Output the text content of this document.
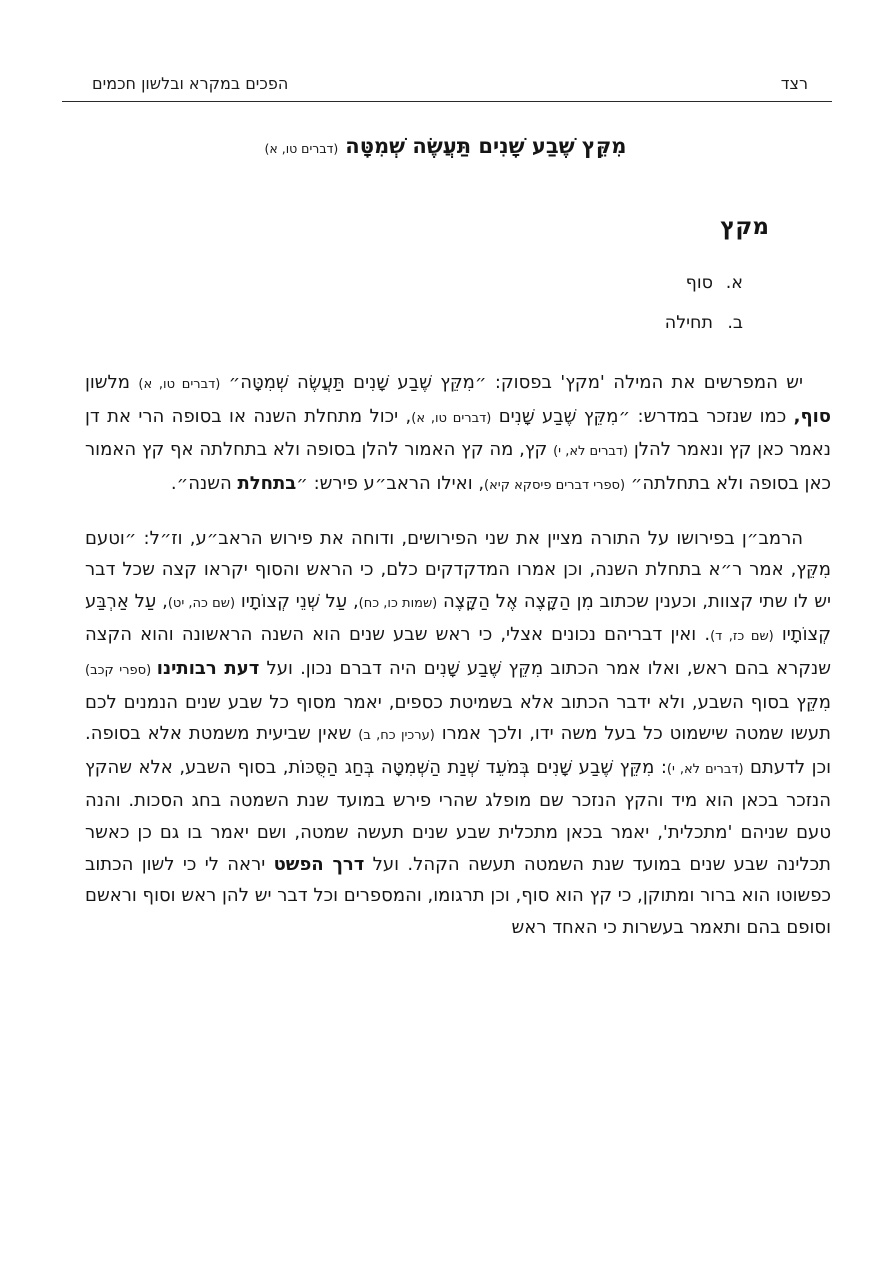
רצד
הפכים במקרא ובלשון חכמים
מִקֵּץ שֶׁבַע שָׁנִים תַּעֲשֶׂה שְׁמִטָּה(דברים טו, א)
מקץ
א.
סוף
ב.
תחילה

יש המפרשים את המילה 'מקץ' בפסוק: ״מִקֵּץ שֶׁבַע שָׁנִים תַּעֲשֶׂה שְׁמִטָּה״ (דברים טו, א) מלשון סוף, כמו שנזכר במדרש: ״מִקֵּץ שֶׁבַע שָׁנִים (דברים טו, א), יכול מתחלת השנה או בסופה הרי את דן נאמר כאן קץ ונאמר להלן (דברים לא, י) קץ, מה קץ האמור להלן בסופה ולא בתחלתה אף קץ האמור כאן בסופה ולא בתחלתה״ (ספרי דברים פיסקא קיא), ואילו הראב״ע פירש: ״בתחלת השנה״.

הרמב״ן בפירושו על התורה מציין את שני הפירושים, ודוחה את פירוש הראב״ע, וז״ל: ״וטעם מִקֵּץ, אמר ר״א בתחלת השנה, וכן אמרו המדקדקים כלם, כי הראש והסוף יקראו קצה שכל דבר יש לו שתי קצוות, וכענין שכתוב מִן הַקָּצֶה אֶל הַקָּצֶה (שמות כו, כח), עַל שְׁנֵי קְצוֹתָיו (שם כה, יט), עַל אַרְבַּע קְצוֹתָיו (שם כז, ד). ואין דבריהם נכונים אצלי, כי ראש שבע שנים הוא השנה הראשונה והוא הקצה שנקרא בהם ראש, ואלו אמר הכתוב מִקֵּץ שֶׁבַע שָׁנִים היה דברם נכון. ועל דעת רבותינו (ספרי קכב) מִקֵּץ בסוף השבע, ולא ידבר הכתוב אלא בשמיטת כספים, יאמר מסוף כל שבע שנים הנמנים לכם תעשו שמטה שישמוט כל בעל משה ידו, ולכך אמרו (ערכין כח, ב) שאין שביעית משמטת אלא בסופה. וכן לדעתם (דברים לא, י): מִקֵּץ שֶׁבַע שָׁנִים בְּמֹעֵד שְׁנַת הַשְּׁמִטָּה בְּחַג הַסֻּכּוֹת, בסוף השבע, אלא שהקץ הנזכר בכאן הוא מיד והקץ הנזכר שם מופלג שהרי פירש במועד שנת השמטה בחג הסכות. והנה טעם שניהם 'מתכלית', יאמר בכאן מתכלית שבע שנים תעשה שמטה, ושם יאמר בו גם כן כאשר תכלינה שבע שנים במועד שנת השמטה תעשה הקהל. ועל דרך הפשט יראה לי כי לשון הכתוב כפשוטו הוא ברור ומתוקן, כי קץ הוא סוף, וכן תרגומו, והמספרים וכל דבר יש להן ראש וסוף וראשם וסופם בהם ותאמר בעשרות כי האחד ראש
